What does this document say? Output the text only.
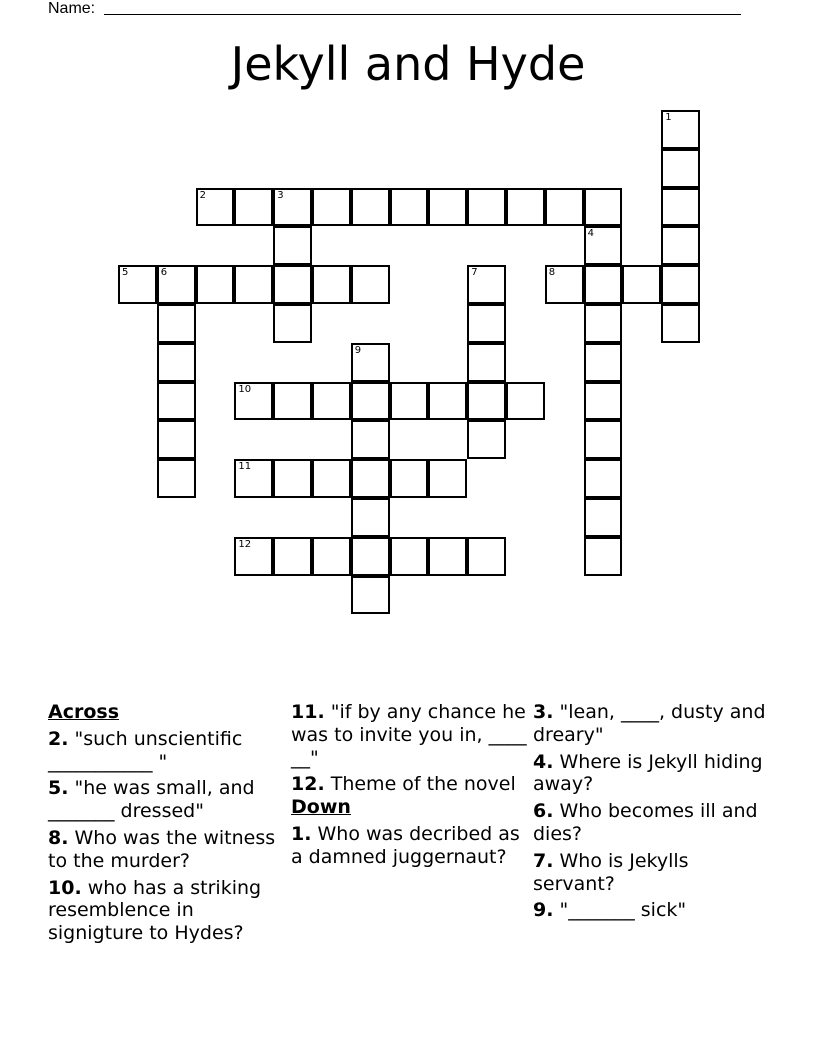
Name:
Jekyll and Hyde
1
2	3
4
5	6	7	8
9
10
11
12
Across
2. "such unscientific ___________ "
5. "he was small, and _______ dressed"
8. Who was the witness to the murder?
10. who has a striking resemblence in signigture to Hydes?
11. "if by any chance he was to invite you in, ____ __"
12. Theme of the novel
Down
1. Who was decribed as a damned juggernaut?
3. "lean, ____, dusty and dreary"
4. Where is Jekyll hiding away?
6. Who becomes ill and dies?
7. Who is Jekylls servant?
9. "_______ sick"
